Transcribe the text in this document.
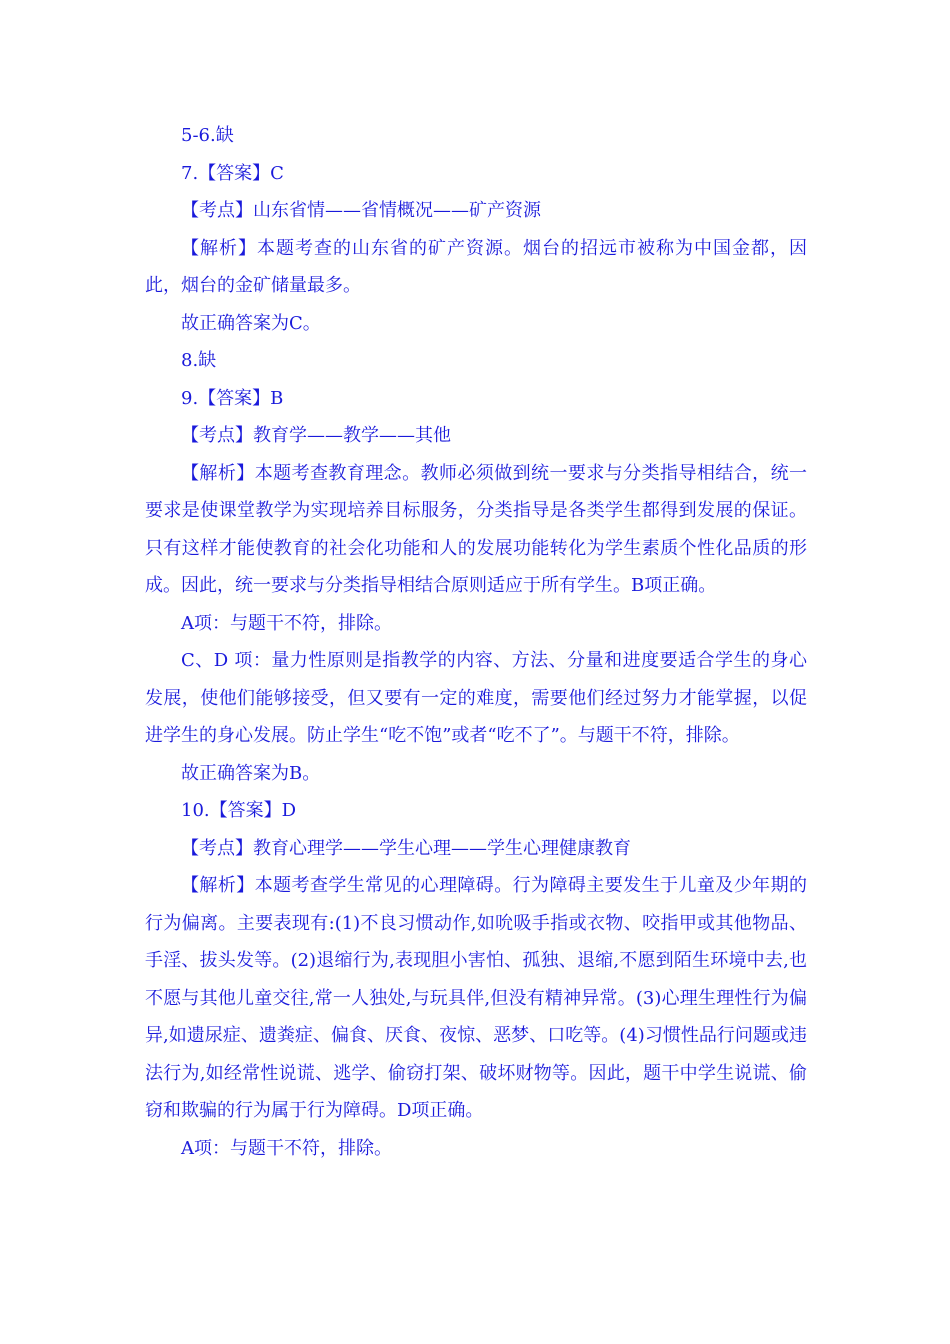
5-6.缺

7.【答案】C

【考点】山东省情——省情概况——矿产资源

【解析】本题考查的山东省的矿产资源。烟台的招远市被称为中国金都，因此，烟台的金矿储量最多。

故正确答案为C。

8.缺

9.【答案】B

【考点】教育学——教学——其他

【解析】本题考查教育理念。教师必须做到统一要求与分类指导相结合，统一要求是使课堂教学为实现培养目标服务，分类指导是各类学生都得到发展的保证。只有这样才能使教育的社会化功能和人的发展功能转化为学生素质个性化品质的形成。因此，统一要求与分类指导相结合原则适应于所有学生。B项正确。

A项：与题干不符，排除。

C、D 项：量力性原则是指教学的内容、方法、分量和进度要适合学生的身心发展，使他们能够接受，但又要有一定的难度，需要他们经过努力才能掌握，以促进学生的身心发展。防止学生“吃不饱”或者“吃不了”。与题干不符，排除。

故正确答案为B。

10.【答案】D

【考点】教育心理学——学生心理——学生心理健康教育

【解析】本题考查学生常见的心理障碍。行为障碍主要发生于儿童及少年期的行为偏离。主要表现有:(1)不良习惯动作,如吮吸手指或衣物、咬指甲或其他物品、手淫、拔头发等。(2)退缩行为,表现胆小害怕、孤独、退缩,不愿到陌生环境中去,也不愿与其他儿童交往,常一人独处,与玩具伴,但没有精神异常。(3)心理生理性行为偏异,如遗尿症、遗粪症、偏食、厌食、夜惊、恶梦、口吃等。(4)习惯性品行问题或违法行为,如经常性说谎、逃学、偷窃打架、破坏财物等。因此，题干中学生说谎、偷窃和欺骗的行为属于行为障碍。D项正确。

A项：与题干不符，排除。
